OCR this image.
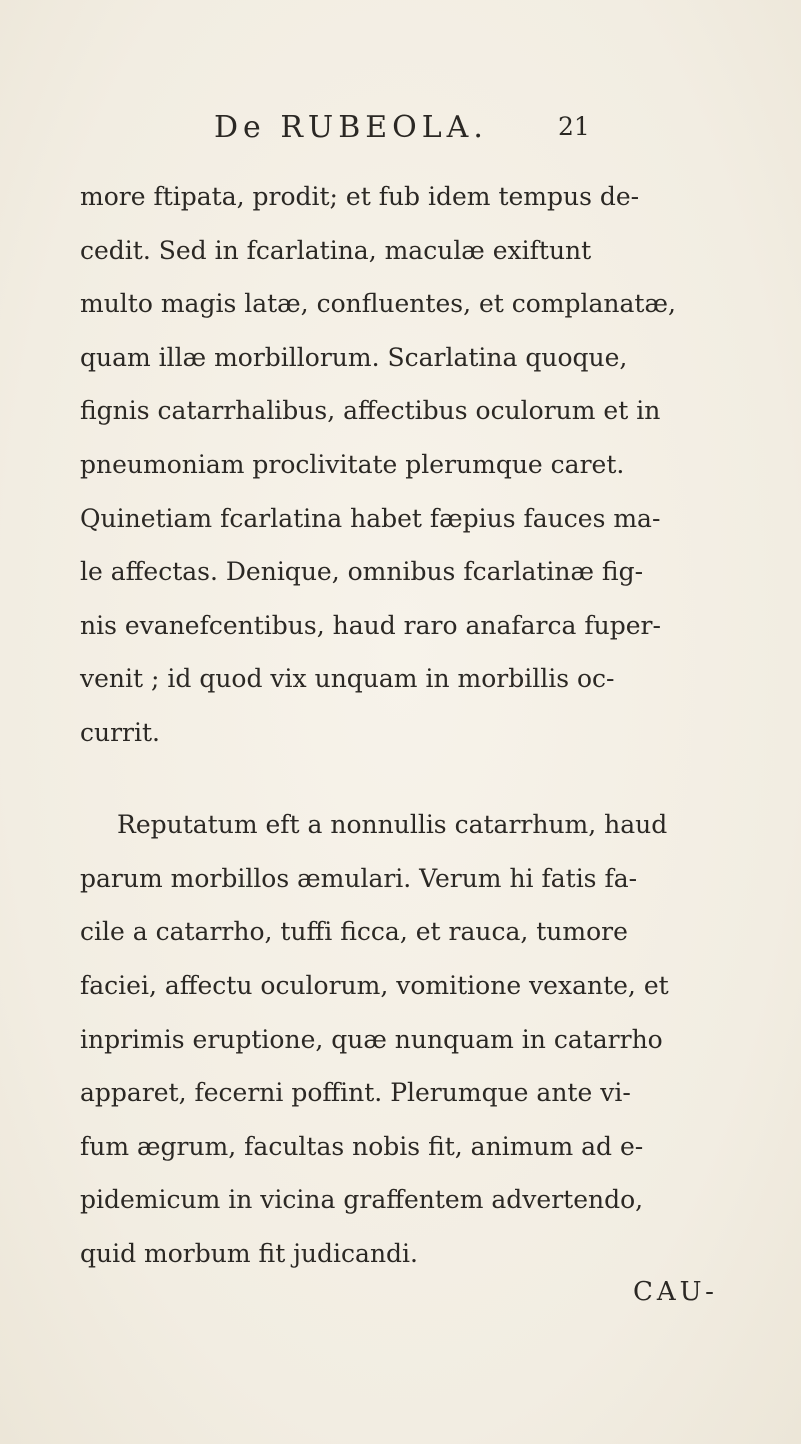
De RUBEOLA.	21
more ftipata, prodit; et fub idem tempus de-
cedit. Sed in fcarlatina, maculæ exiftunt
multo magis latæ, confluentes, et complanatæ,
quam illæ morbillorum. Scarlatina quoque,
fignis catarrhalibus, affectibus oculorum et in
pneumoniam proclivitate plerumque caret.
Quinetiam fcarlatina habet fæpius fauces ma-
le affectas. Denique, omnibus fcarlatinæ fig-
nis evanefcentibus, haud raro anafarca fuper-
venit ; id quod vix unquam in morbillis oc-
currit.
Reputatum eft a nonnullis catarrhum, haud
parum morbillos æmulari. Verum hi fatis fa-
cile a catarrho, tuffi ficca, et rauca, tumore
faciei, affectu oculorum, vomitione vexante, et
inprimis eruptione, quæ nunquam in catarrho
apparet, fecerni poffint. Plerumque ante vi-
fum ægrum, facultas nobis fit, animum ad e-
pidemicum in vicina graffentem advertendo,
quid morbum fit judicandi.
CAU-
